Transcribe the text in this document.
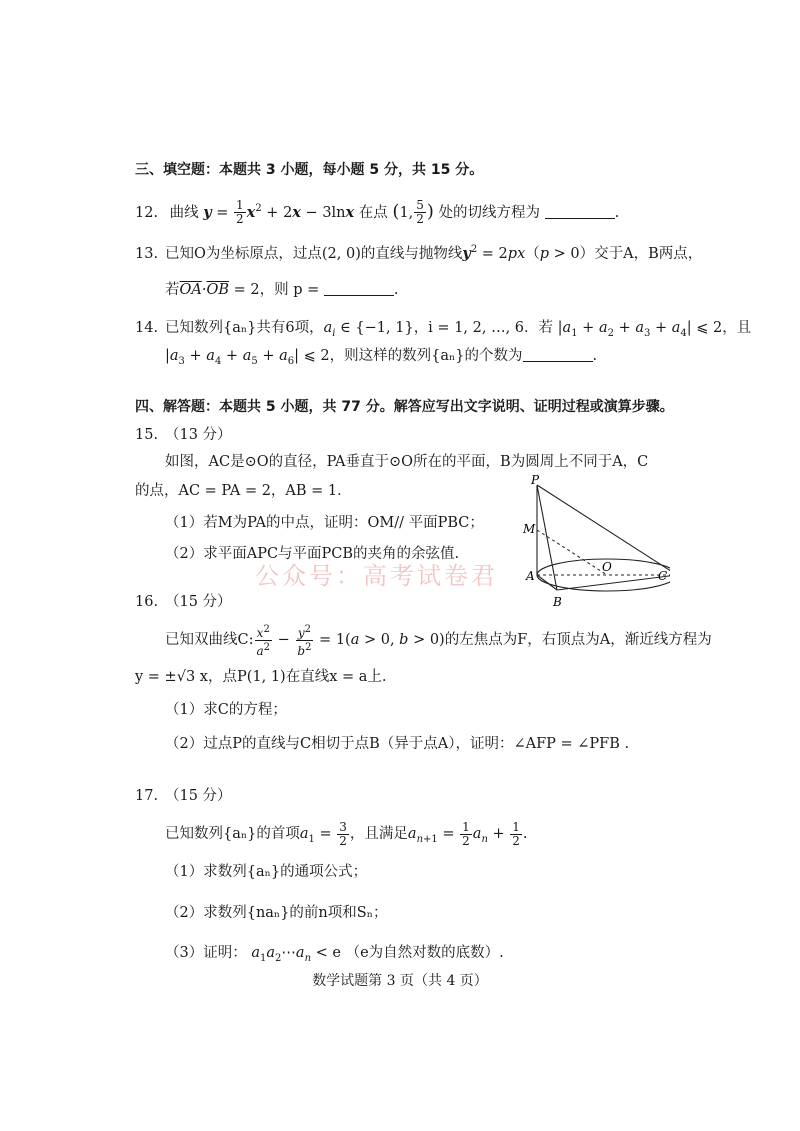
三、填空题：本题共 3 小题，每小题 5 分，共 15 分。
12. 曲线 $y = \frac{1}{2} x^2 + 2x - 3\ln x$ 在点 (1, $\frac{5}{2}$ ) 处的切线方程为	.
13. 已知O为坐标原点，过点(2, 0)的直线与抛物线$y^2 = 2px(p > 0)$交于A，B两点，
若$\overline{OA}\cdot\overline{OB} = 2$，则 p =	.
14. 已知数列{aₙ}共有6项，$a_i$ ∈ {−1, 1}，i = 1, 2, …, 6．若 $|a_1 + a_2 + a_3 + a_4|$ ⩽ 2，且
$|a_3 + a_4 + a_5 + a_6|$ ⩽ 2，则这样的数列{aₙ}的个数为	.
四、解答题：本题共 5 小题，共 77 分。解答应写出文字说明、证明过程或演算步骤。
15. （13 分）
如图，AC是⊙O的直径，PA垂直于⊙O所在的平面，B为圆周上不同于A，C
的点，AC = PA = 2，AB = 1．
（1）若M为PA的中点，证明：OM// 平面PBC；
（2）求平面APC与平面PCB的夹角的余弦值.
公众号：高考试卷君
P
M
A
O
C
B
16. （15 分）
已知双曲线C: $\frac{x^2}{a^2} - \frac{y^2}{b^2} = 1(a > 0$, b > 0)的左焦点为F，右顶点为A，渐近线方程为
y = ±√3 x，点P(1, 1)在直线x = a上.
（1）求C的方程；
（2）过点P的直线与C相切于点B（异于点A），证明：∠AFP = ∠PFB .
17. （15 分）
已知数列{aₙ}的首项$a_1 = \frac{3}{2}$ ，且满足$a_{n+1} = \frac{1}{2} a_n + \frac{1}{2}$ .
（1）求数列{aₙ}的通项公式；
（2）求数列{naₙ}的前n项和Sₙ；
（3）证明： $a_1a_2\cdots a_n < e$ （e为自然对数的底数）.
数学试题第 3 页（共 4 页）
